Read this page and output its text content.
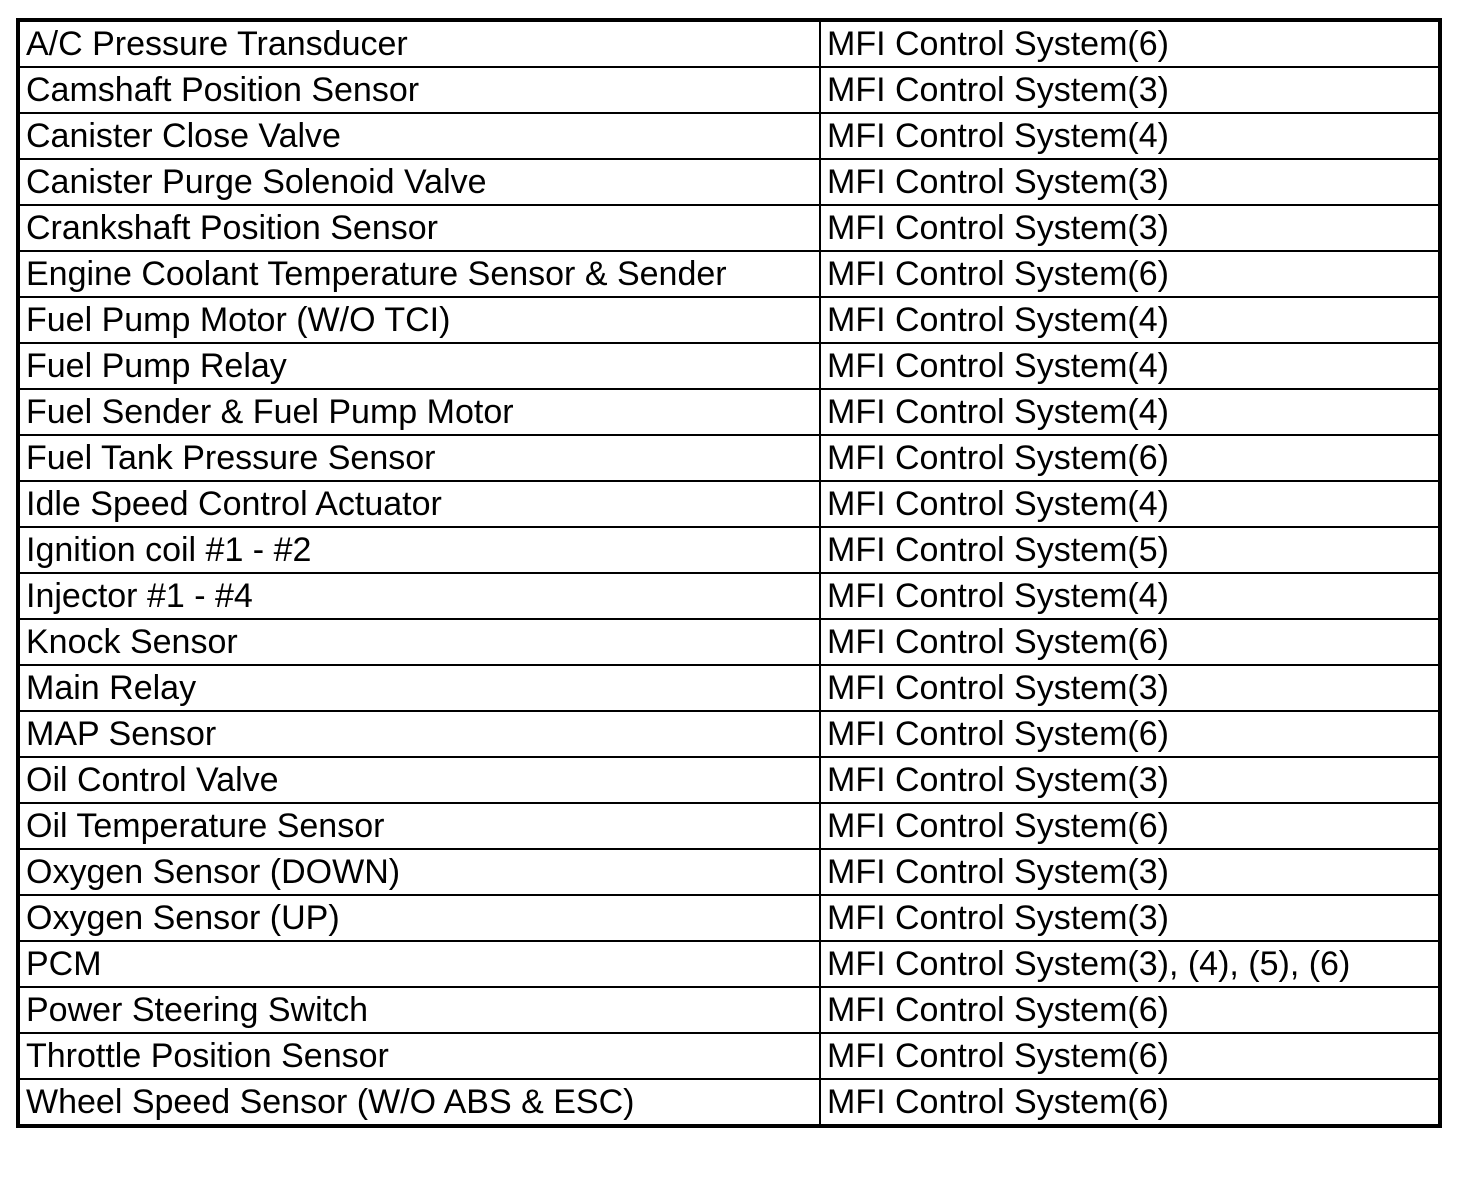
A/C Pressure Transducer	MFI Control System(6)
Camshaft Position Sensor	MFI Control System(3)
Canister Close Valve	MFI Control System(4)
Canister Purge Solenoid Valve	MFI Control System(3)
Crankshaft Position Sensor	MFI Control System(3)
Engine Coolant Temperature Sensor & Sender	MFI Control System(6)
Fuel Pump Motor (W/O TCI)	MFI Control System(4)
Fuel Pump Relay	MFI Control System(4)
Fuel Sender & Fuel Pump Motor	MFI Control System(4)
Fuel Tank Pressure Sensor	MFI Control System(6)
Idle Speed Control Actuator	MFI Control System(4)
Ignition coil #1 - #2	MFI Control System(5)
Injector #1 - #4	MFI Control System(4)
Knock Sensor	MFI Control System(6)
Main Relay	MFI Control System(3)
MAP Sensor	MFI Control System(6)
Oil Control Valve	MFI Control System(3)
Oil Temperature Sensor	MFI Control System(6)
Oxygen Sensor (DOWN)	MFI Control System(3)
Oxygen Sensor (UP)	MFI Control System(3)
PCM	MFI Control System(3), (4), (5), (6)
Power Steering Switch	MFI Control System(6)
Throttle Position Sensor	MFI Control System(6)
Wheel Speed Sensor (W/O ABS & ESC)	MFI Control System(6)
